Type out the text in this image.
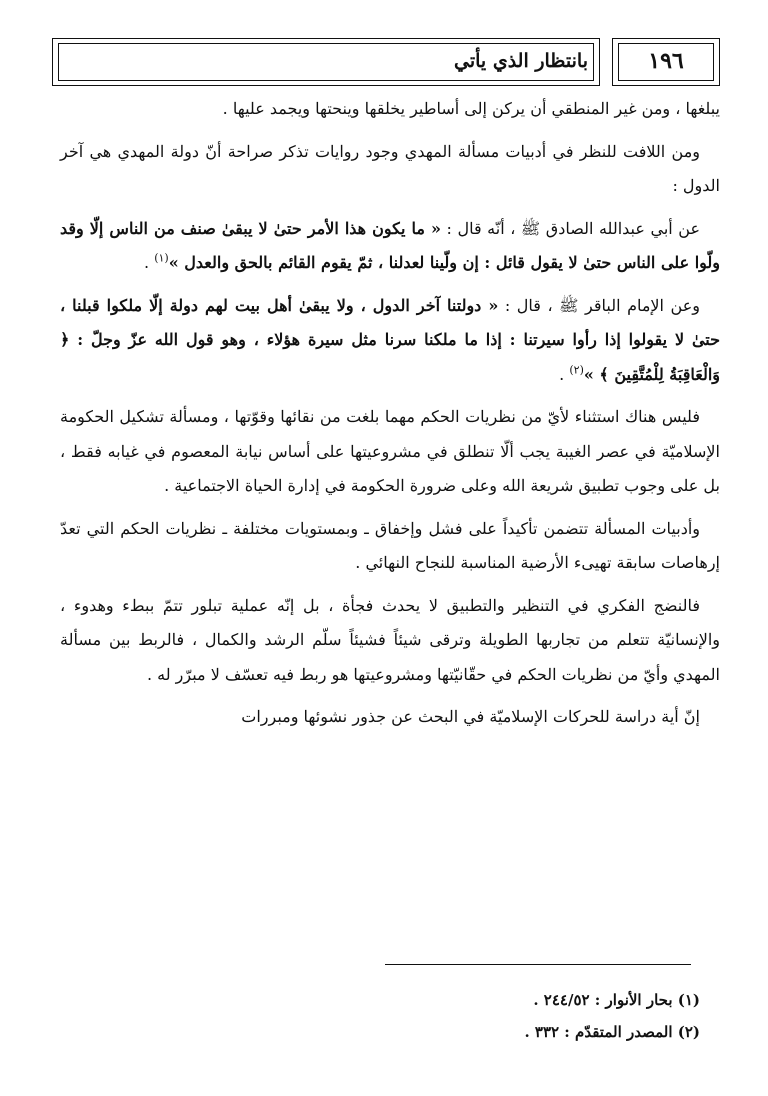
بانتظار الذي يأتي	١٩٦

يبلغها ، ومن غير المنطقي أن يركن إلى أساطير يخلقها وينحتها ويجمد عليها .

ومن اللافت للنظر في أدبيات مسألة المهدي وجود روايات تذكر صراحة أنّ دولة المهدي هي آخر الدول :

عن أبي عبدالله الصادق ﷺ ، أنّه قال : « ما يكون هذا الأمر حتىٰ لا يبقىٰ صنف من الناس إلّا وقد ولّوا على الناس حتىٰ لا يقول قائل : إن ولّينا لعدلنا ، ثمّ يقوم القائم بالحق والعدل »$^{(١)}$ .

وعن الإمام الباقر ﷺ ، قال : « دولتنا آخر الدول ، ولا يبقىٰ أهل بيت لهم دولة إلّا ملكوا قبلنا ، حتىٰ لا يقولوا إذا رأوا سيرتنا : إذا ما ملكنا سرنا مثل سيرة هؤلاء ، وهو قول الله عزّ وجلّ : ﴿ وَالْعَاقِبَةُ لِلْمُتَّقِينَ ﴾ »$^{(٢)}$ .

فليس هناك استثناء لأيّ من نظريات الحكم مهما بلغت من نقائها وقوّتها ، ومسألة تشكيل الحكومة الإسلاميّة في عصر الغيبة يجب ألّا تنطلق في مشروعيتها على أساس نيابة المعصوم في غيابه فقط ، بل على وجوب تطبيق شريعة الله وعلى ضرورة الحكومة في إدارة الحياة الاجتماعية .

وأدبيات المسألة تتضمن تأكيداً على فشل وإخفاق ـ وبمستويات مختلفة ـ نظريات الحكم التي تعدّ إرهاصات سابقة تهيىء الأرضية المناسبة للنجاح النهائي .

فالنضج الفكري في التنظير والتطبيق لا يحدث فجأة ، بل إنّه عملية تبلور تتمّ ببطء وهدوء ، والإنسانيّة تتعلم من تجاربها الطويلة وترقى شيئاً فشيئاً سلّم الرشد والكمال ، فالربط بين مسألة المهدي وأيّ من نظريات الحكم في حقّانيّتها ومشروعيتها هو ربط فيه تعسّف لا مبرّر له .

إنّ أية دراسة للحركات الإسلاميّة في البحث عن جذور نشوئها ومبررات

(١) بحار الأنوار : ٢٤٤/٥٢ .
(٢) المصدر المتقدّم : ٣٣٢ .
